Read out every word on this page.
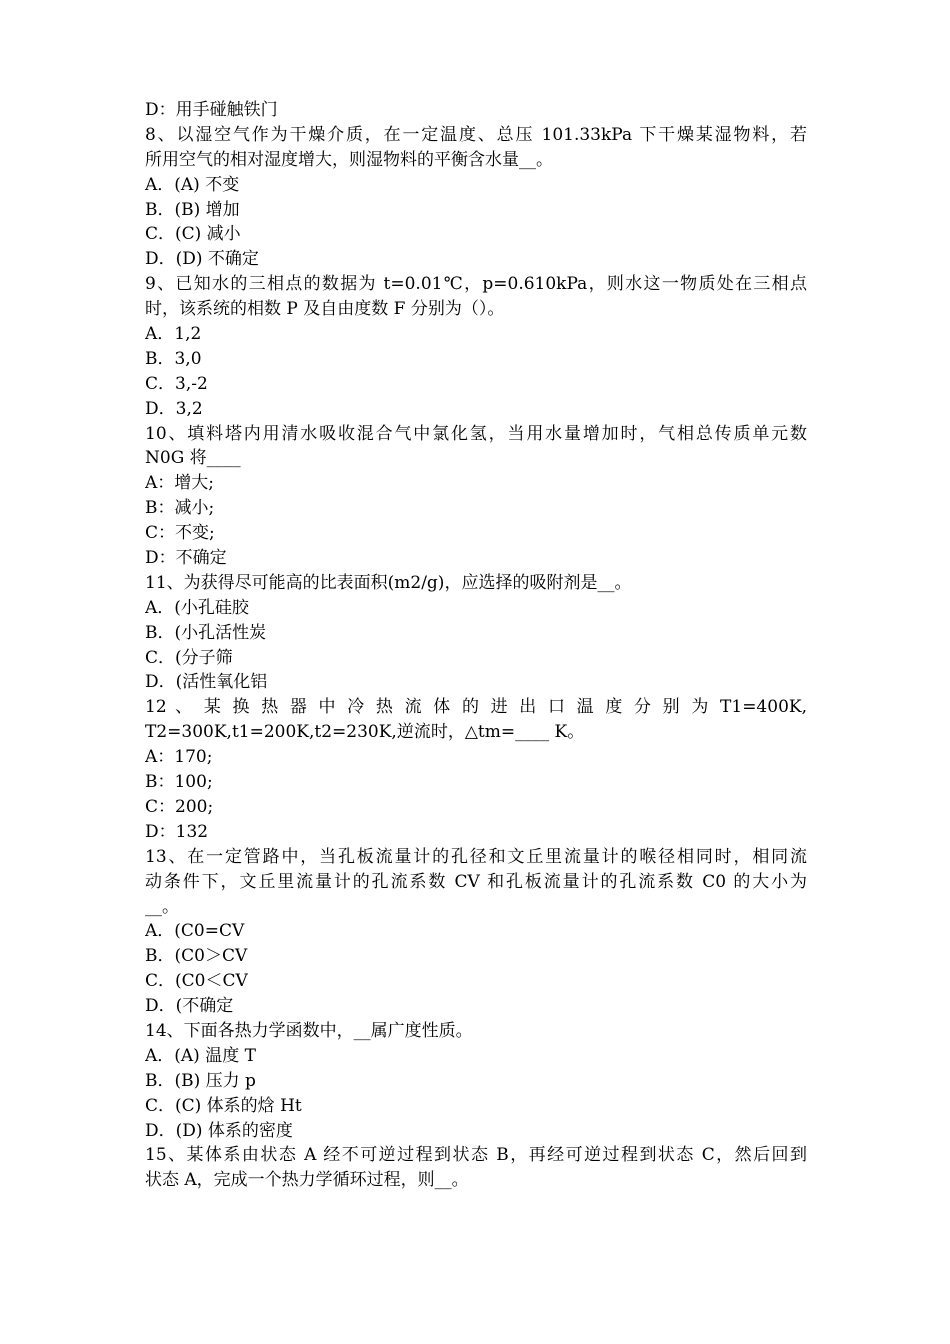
D：用手碰触铁门
8、以湿空气作为干燥介质，在一定温度、总压 101.33kPa 下干燥某湿物料，若
所用空气的相对湿度增大，则湿物料的平衡含水量__。
A．(A) 不变
B．(B) 增加
C．(C) 减小
D．(D) 不确定
9、已知水的三相点的数据为 t=0.01℃，p=0.610kPa，则水这一物质处在三相点
时，该系统的相数 P 及自由度数 F 分别为（）。
A．1,2
B．3,0
C．3,-2
D．3,2
10、填料塔内用清水吸收混合气中氯化氢，当用水量增加时，气相总传质单元数
N0G 将____
A：增大;
B：减小;
C：不变;
D：不确定
11、为获得尽可能高的比表面积(m2/g)，应选择的吸附剂是__。
A．(小孔硅胶
B．(小孔活性炭
C．(分子筛
D．(活性氧化铝
12 、 某 换 热 器 中 冷 热 流 体 的 进 出 口 温 度 分 别 为 T1=400K,
T2=300K,t1=200K,t2=230K,逆流时，△tm=____ K。
A：170;
B：100;
C：200;
D：132
13、在一定管路中，当孔板流量计的孔径和文丘里流量计的喉径相同时，相同流
动条件下，文丘里流量计的孔流系数 CV 和孔板流量计的孔流系数 C0 的大小为
__。
A．(C0=CV
B．(C0＞CV
C．(C0＜CV
D．(不确定
14、下面各热力学函数中，__属广度性质。
A．(A) 温度 T
B．(B) 压力 p
C．(C) 体系的焓 Ht
D．(D) 体系的密度
15、某体系由状态 A 经不可逆过程到状态 B，再经可逆过程到状态 C，然后回到
状态 A，完成一个热力学循环过程，则__。
